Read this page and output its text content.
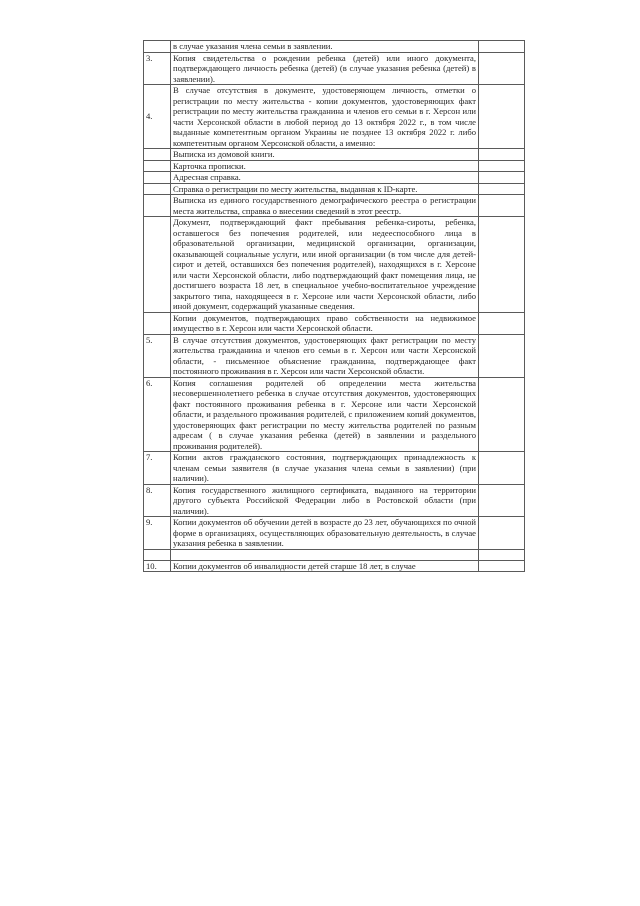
	в случае указания члена семьи в заявлении.	
3.	Копия свидетельства о рождении ребенка (детей) или иного документа, подтверждающего личность ребенка (детей) (в случае указания ребенка (детей) в заявлении).	
4.	В случае отсутствия в документе, удостоверяющем личность, отметки о регистрации по месту жительства - копии документов, удостоверяющих факт регистрации по месту жительства гражданина и членов его семьи в г. Херсон или части Херсонской области в любой период до 13 октября 2022 г., в том числе выданные компетентным органом Украины не позднее 13 октября 2022 г. либо компетентным органом Херсонской области, а именно:	
	Выписка из домовой книги.	
	Карточка прописки.	
	Адресная справка.	
	Справка о регистрации по месту жительства, выданная к ID-карте.	
	Выписка из единого государственного демографического реестра о регистрации места жительства, справка о внесении сведений в этот реестр.	
	Документ, подтверждающий факт пребывания ребенка-сироты, ребенка, оставшегося без попечения родителей, или недееспособного лица в образовательной организации, медицинской организации, организации, оказывающей социальные услуги, или иной организации (в том числе для детей-сирот и детей, оставшихся без попечения родителей), находящихся в г. Херсоне или части Херсонской области, либо подтверждающий факт помещения лица, не достигшего возраста 18 лет, в специальное учебно-воспитательное учреждение закрытого типа, находящееся в г. Херсоне или части Херсонской области, либо иной документ, содержащий указанные сведения.	
	Копии документов, подтверждающих право собственности на недвижимое имущество в г. Херсон или части Херсонской области.	
5.	В случае отсутствия документов, удостоверяющих факт регистрации по месту жительства гражданина и членов его семьи в г. Херсон или части Херсонской области, - письменное объяснение гражданина, подтверждающее факт постоянного проживания в г. Херсон или части Херсонской области.	
6.	Копия соглашения родителей об определении места жительства несовершеннолетнего ребенка в случае отсутствия документов, удостоверяющих факт постоянного проживания ребенка в г. Херсоне или части Херсонской области, и раздельного проживания родителей, с приложением копий документов, удостоверяющих факт регистрации по месту жительства родителей по разным адресам ( в случае указания ребенка (детей) в заявлении и раздельного проживания родителей).	
7.	Копии актов гражданского состояния, подтверждающих принадлежность к членам семьи заявителя (в случае указания члена семьи в заявлении) (при наличии).	
8.	Копия государственного жилищного сертификата, выданного на территории другого субъекта Российской Федерации либо в Ростовской области (при наличии).	
9.	Копии документов об обучении детей в возрасте до 23 лет, обучающихся по очной форме в организациях, осуществляющих образовательную деятельность, в случае указания ребенка в заявлении.	

10.	Копии документов об инвалидности детей старше 18 лет, в случае	
